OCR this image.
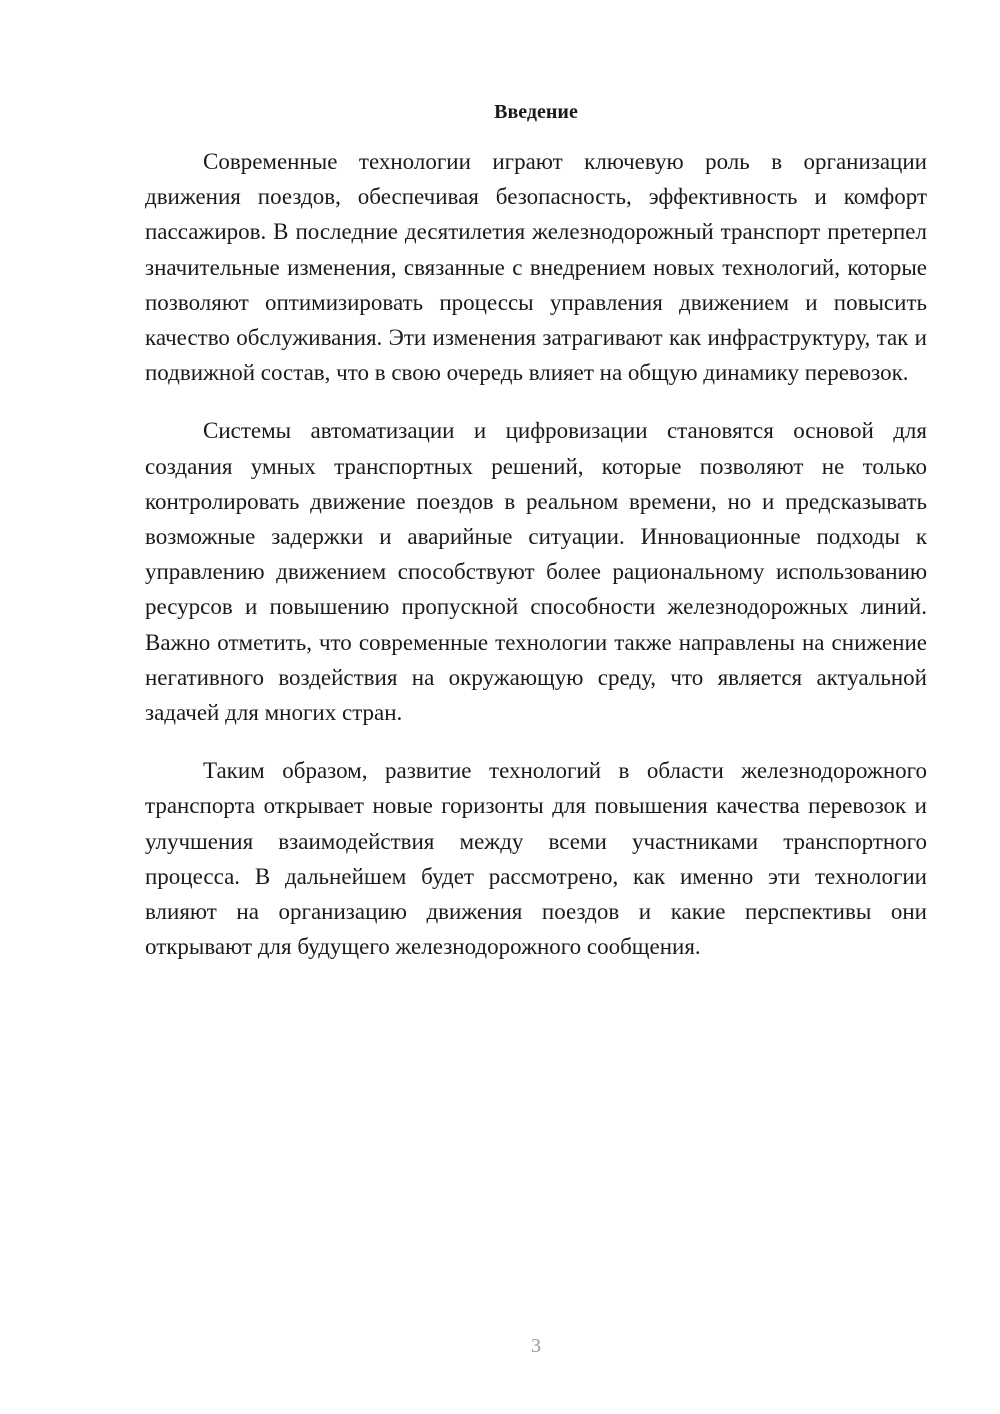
Введение

Современные технологии играют ключевую роль в организации движения поездов, обеспечивая безопасность, эффективность и комфорт пассажиров. В последние десятилетия железнодорожный транспорт претерпел значительные изменения, связанные с внедрением новых технологий, которые позволяют оптимизировать процессы управления движением и повысить качество обслуживания. Эти изменения затрагивают как инфраструктуру, так и подвижной состав, что в свою очередь влияет на общую динамику перевозок.

Системы автоматизации и цифровизации становятся основой для создания умных транспортных решений, которые позволяют не только контролировать движение поездов в реальном времени, но и предсказывать возможные задержки и аварийные ситуации. Инновационные подходы к управлению движением способствуют более рациональному использованию ресурсов и повышению пропускной способности железнодорожных линий. Важно отметить, что современные технологии также направлены на снижение негативного воздействия на окружающую среду, что является актуальной задачей для многих стран.

Таким образом, развитие технологий в области железнодорожного транспорта открывает новые горизонты для повышения качества перевозок и улучшения взаимодействия между всеми участниками транспортного процесса. В дальнейшем будет рассмотрено, как именно эти технологии влияют на организацию движения поездов и какие перспективы они открывают для будущего железнодорожного сообщения.

3
